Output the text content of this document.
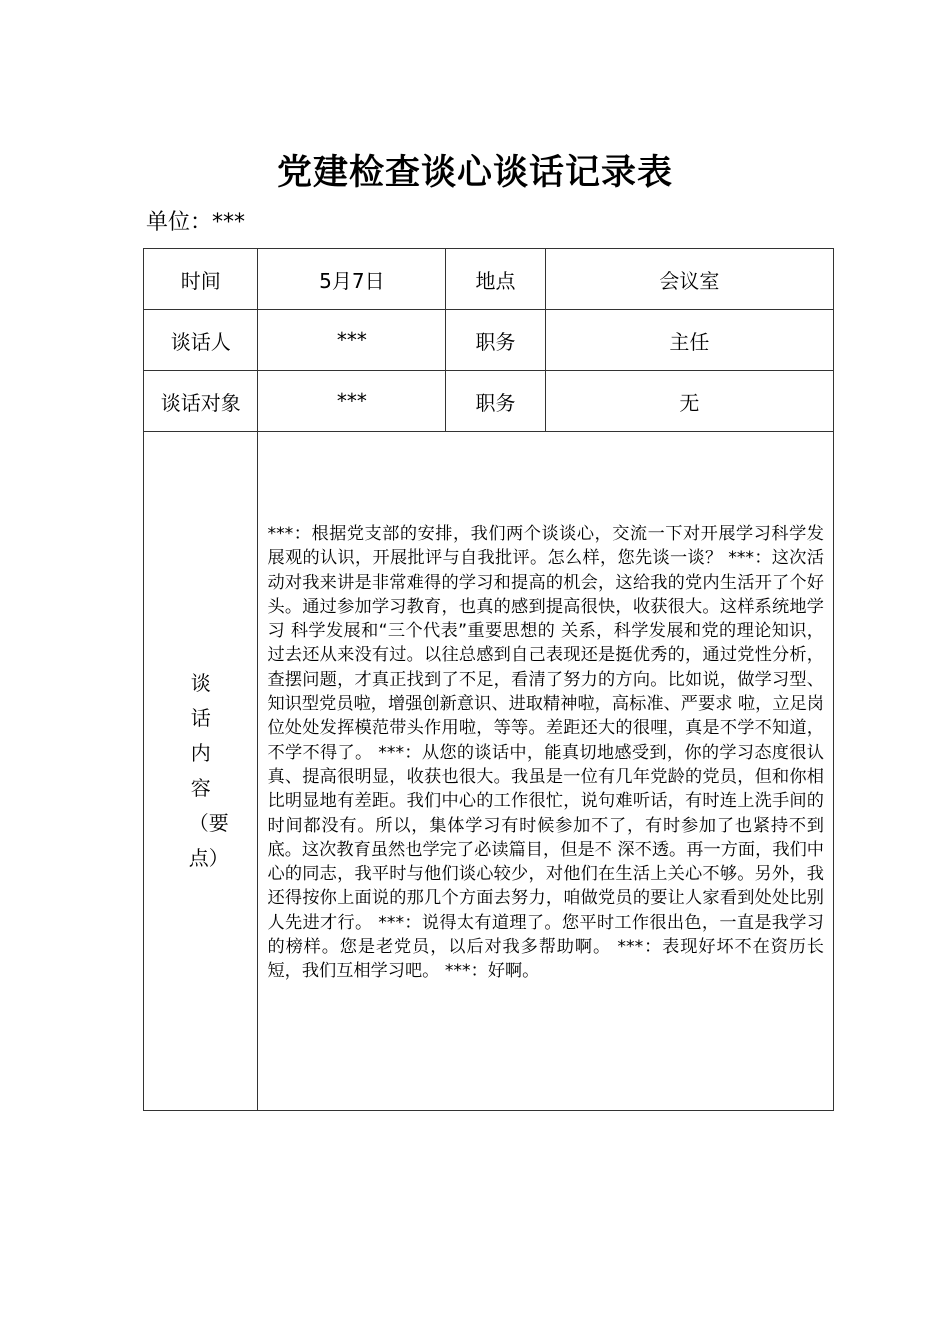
党建检查谈心谈话记录表
单位：***
时间	5月7日	地点	会议室
谈话人	***	职务	主任
谈话对象	***	职务	无

谈话内容（要点）	***：根据党支部的安排，我们两个谈谈心，交流一下对开展学习科学发展观的认识，开展批评与自我批评。怎么样，您先谈一谈？ ***：这次活动对我来讲是非常难得的学习和提高的机会，这给我的党内生活开了个好头。通过参加学习教育，也真的感到提高很快，收获很大。这样系统地学习 科学发展和“三个代表”重要思想的 关系，科学发展和党的理论知识，过去还从来没有过。以往总感到自己表现还是挺优秀的，通过党性分析，查摆问题，才真正找到了不足，看清了努力的方向。比如说，做学习型、知识型党员啦，增强创新意识、进取精神啦，高标准、严要求 啦，立足岗位处处发挥模范带头作用啦，等等。差距还大的很哩，真是不学不知道，不学不得了。 ***：从您的谈话中，能真切地感受到，你的学习态度很认真、提高很明显，收获也很大。我虽是一位有几年党龄的党员，但和你相比明显地有差距。我们中心的工作很忙，说句难听话，有时连上洗手间的时间都没有。所以，集体学习有时候参加不了，有时参加了也紧持不到底。这次教育虽然也学完了必读篇目，但是不 深不透。再一方面，我们中心的同志，我平时与他们谈心较少，对他们在生活上关心不够。另外，我还得按你上面说的那几个方面去努力，咱做党员的要让人家看到处处比别人先进才行。 ***：说得太有道理了。您平时工作很出色，一直是我学习的榜样。您是老党员，以后对我多帮助啊。 ***：表现好坏不在资历长短，我们互相学习吧。 ***：好啊。		
